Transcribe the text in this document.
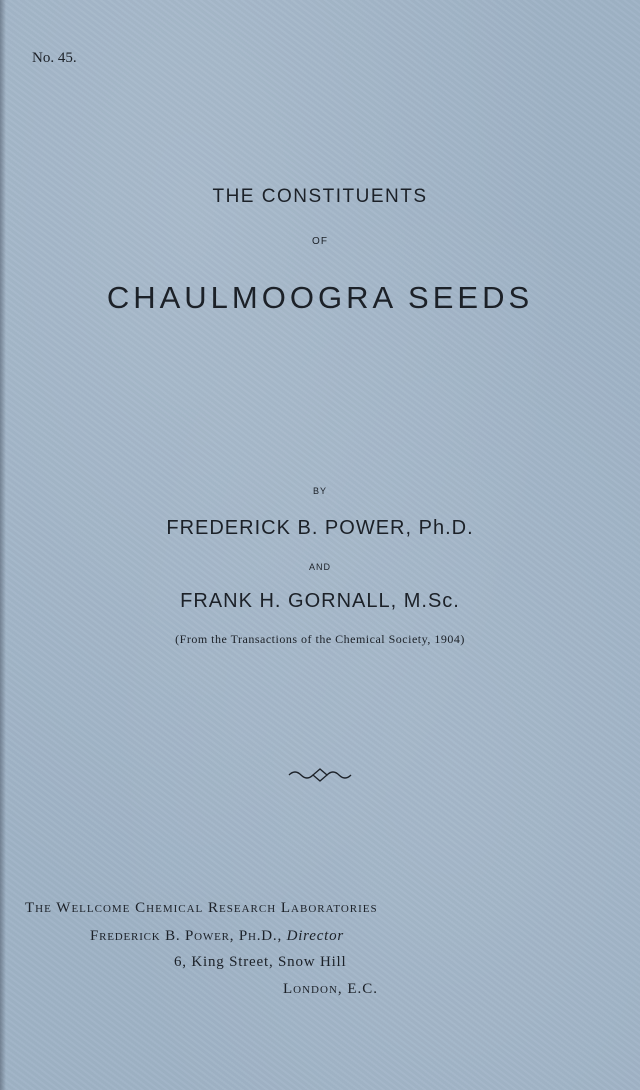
No. 45.
THE CONSTITUENTS
OF
CHAULMOOGRA SEEDS
BY
FREDERICK B. POWER, Ph.D.
AND
FRANK H. GORNALL, M.Sc.
(From the Transactions of the Chemical Society, 1904)
The Wellcome Chemical Research Laboratories
Frederick B. Power, Ph.D., Director
6, King Street, Snow Hill
London, E.C.
